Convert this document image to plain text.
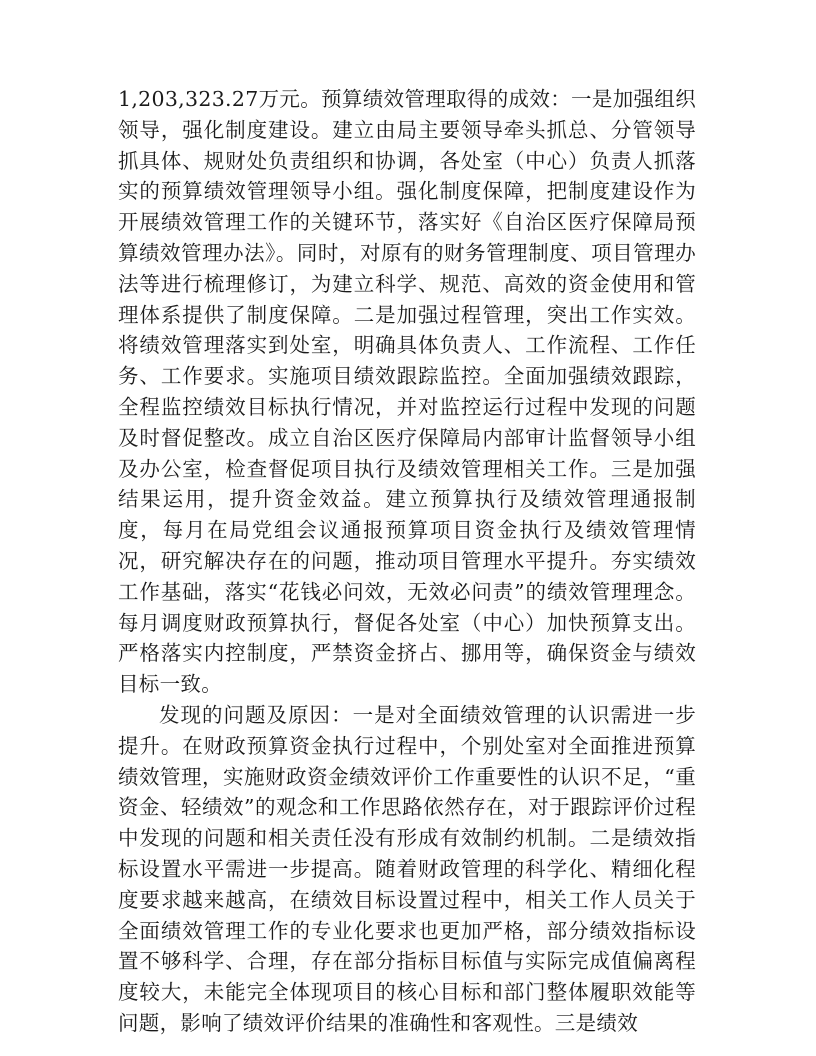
1,203,323.27万元。预算绩效管理取得的成效：一是加强组织领导，强化制度建设。建立由局主要领导牵头抓总、分管领导抓具体、规财处负责组织和协调，各处室（中心）负责人抓落实的预算绩效管理领导小组。强化制度保障，把制度建设作为开展绩效管理工作的关键环节，落实好《自治区医疗保障局预算绩效管理办法》。同时，对原有的财务管理制度、项目管理办法等进行梳理修订，为建立科学、规范、高效的资金使用和管理体系提供了制度保障。二是加强过程管理，突出工作实效。将绩效管理落实到处室，明确具体负责人、工作流程、工作任务、工作要求。实施项目绩效跟踪监控。全面加强绩效跟踪，全程监控绩效目标执行情况，并对监控运行过程中发现的问题及时督促整改。成立自治区医疗保障局内部审计监督领导小组及办公室，检查督促项目执行及绩效管理相关工作。三是加强结果运用，提升资金效益。建立预算执行及绩效管理通报制度，每月在局党组会议通报预算项目资金执行及绩效管理情况，研究解决存在的问题，推动项目管理水平提升。夯实绩效工作基础，落实“花钱必问效，无效必问责”的绩效管理理念。每月调度财政预算执行，督促各处室（中心）加快预算支出。严格落实内控制度，严禁资金挤占、挪用等，确保资金与绩效目标一致。

发现的问题及原因：一是对全面绩效管理的认识需进一步提升。在财政预算资金执行过程中，个别处室对全面推进预算绩效管理，实施财政资金绩效评价工作重要性的认识不足，“重资金、轻绩效”的观念和工作思路依然存在，对于跟踪评价过程中发现的问题和相关责任没有形成有效制约机制。二是绩效指标设置水平需进一步提高。随着财政管理的科学化、精细化程度要求越来越高，在绩效目标设置过程中，相关工作人员关于全面绩效管理工作的专业化要求也更加严格，部分绩效指标设置不够科学、合理，存在部分指标目标值与实际完成值偏离程度较大，未能完全体现项目的核心目标和部门整体履职效能等问题，影响了绩效评价结果的准确性和客观性。三是绩效
